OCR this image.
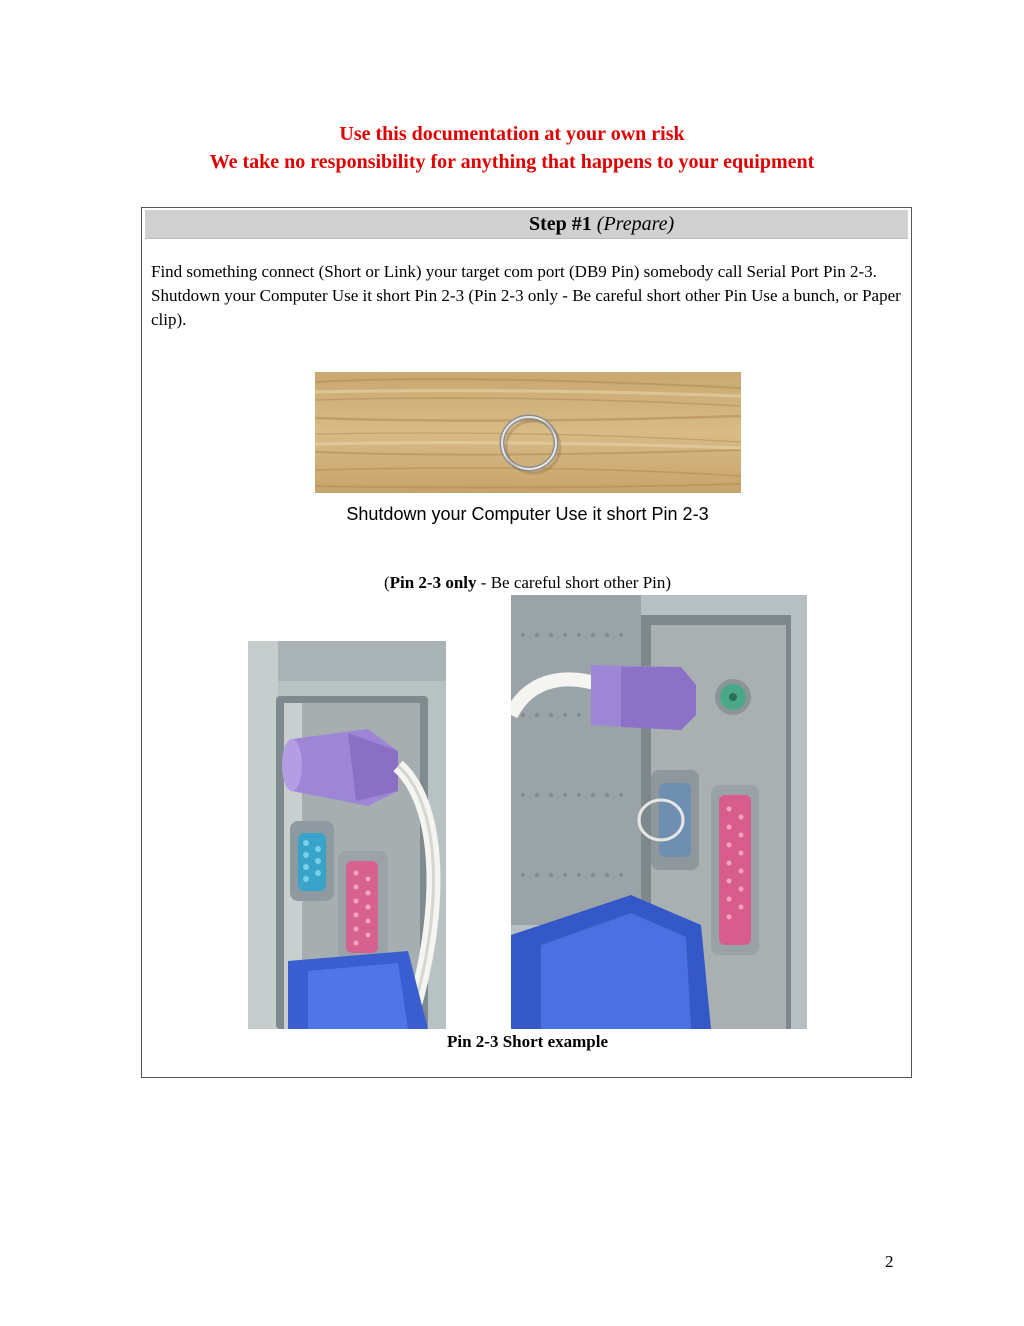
Use this documentation at your own risk
We take no responsibility for anything that happens to your equipment
Step #1 (Prepare)
Find something connect (Short or Link) your target com port (DB9 Pin) somebody call Serial Port Pin 2-3. Shutdown your Computer Use it short Pin 2-3 (Pin 2-3 only - Be careful short other Pin Use a bunch, or Paper clip).
Shutdown your Computer Use it short Pin 2-3
(Pin 2-3 only - Be careful short other Pin)
Pin 2-3 Short example
2
